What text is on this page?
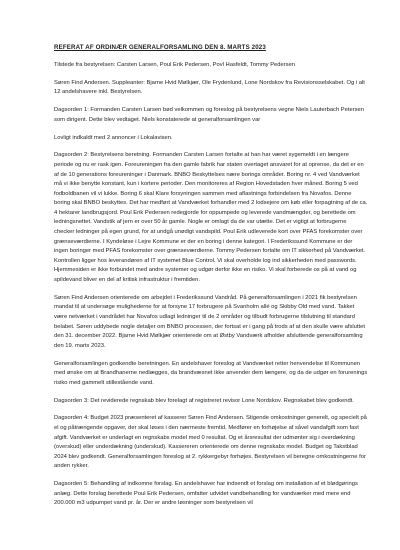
REFERAT AF ORDINÆR GENERALFORSAMLING DEN 8. MARTS 2023
Tilstede fra bestyrelsen: Carsten Larsen, Poul Erik Pedersen, Povl Hasfeldt, Tommy Pedersen
Søren Find Andersen. Suppleanter: Bjarne Hvid Mølkjær, Ole Frydenlund, Lone Nordskov fra Revisionsselskabet. Og i alt 12 andelshavere inkl. Bestyrelsen.
Dagsorden 1: Formanden Carsten Larsen bød velkommen og foreslog på bestyrelsens vegne Niels Lauterbach Petersen som dirigent. Dette blev vedtaget. Niels konstaterede at generalforsamlingen var
Lovligt indkaldt med 2 annoncer i Lokalavisen.
Dagsorden 2: Bestyrelsens beretning. Formanden Carsten Larsen fortalte at han har været sygemeldt i en længere periode og nu er rask igen. Foreureningen fra den gamle fabrik har staten overtaget ansvaret for at oprense, da det er en af de 10 generations foreureninger i Danmark. BNBO Beskyttelses nære borings områder. Boring nr. 4 ved Vandværket må vi ikke benytte konstant, kun i kortere perioder. Den monitoreres af Region Hovedstaden hver måned. Boring 5 ved fodboldbanen vil vi lukke. Boring 6 skal Klare forsyningen sammen med aflastnings forbindelsen fra Novafos. Denne boring skal BNBO beskyttes. Det har medført at Vandværket forhandler med 2 lodsejere om køb eller forpagtning af de ca. 4 hektarer landbrugsjord. Poul Erik Pedersen redegjorde for oppumpede og leverede vandmængder, og berettede om ledningsnettet. Vandstik af jern er over 50 år gamle. Nogle er omlagt da de var utætte. Det er vigtigt at forbrugerne checker ledninger på egen grund, for at undgå unødigt vandspild. Poul Erik udleverede kort over PFAS forekomster over grænseværdierne. I Kyndeløse i Lejre Kommune er der en boring i denne kategori. I Frederikssund Kommune er der ingen boringer med PFAS forekomster over grænseværdierne. Tommy Pedersen fortalte om IT sikkerhed på Vandværket. Kontrollen ligger hos leverandøren af IT systemet Blue Control. Vi skal overholde log ind sikkerheden med passwords. Hjemmesiden er ikke forbundet med andre systemer og udgør derfor ikke en risiko. Vi skal forberede os på at vand og spildevand bliver en del af kritisk infrastruktur i fremtiden.
Søren Find Andersen orienterede om arbejdet i Frederikssund Vandråd. På generalforsamlingen i 2021 fik bestyrelsen mandat til at undersøge mulighederne for at forsyne 17 forbrugere på Svanholm allé og Skibby Old med vand. Takket være netværket i vandrådet har Novafos udlagt ledninger til de 2 områder og tilbudt forbrugerne tilslutning til standard belabet. Søren uddybede nogle detaljer om BNBO processen, der fortsat er i gang på trods af at den skulle være afsluttet den 31. december 2022. Bjarne Hvid Mølkjær orienterede om at Østby Vandværk afholder afsluttende generalforsamling den 19. marts 2023.
Generalforsamlingen godkendte beretningen. En andelshaver foreslog at Vandværket retter henvendelse til Kommunen med ønske om at Brandhanerne nedlægges, da brandvæsnet ikke anvender dem længere, og da de udgør en forurenings risiko med gammelt stillestående vand.
Dagsorden 3: Det reviderede regnskab blev forelagt af registreret revisor Lone Nordskov. Regnskabet blev godkendt.
Dagsorden 4: Budget 2023 præsenteret af kasserer Søren Find Andersen. Stigende omkostninger generelt, og specielt på el og påtrængende opgaver, der skal løses i den nærmeste fremtid. Medfører en forhøjelse af såvel vandafgift som fast afgift. Vandværket er underlagt en regnskabs model med 0 resultat. Og et årsresultat der udmønter sig i overdækning (overskud) eller underdækning (underskud). Kassereren orienterede om denne regnskabs model. Budget og Takstblad 2024 blev godkendt. Generalforsamlingen foreslog at 2. rykkergebyr forhøjes. Bestyrelsen vil beregne omkostningerne for anden rykker.
Dagsorden 5: Behandling af indkomne forslag. En andelshaver har indsendt et forslag om installation af et blødgørings anlæg. Dette forslag berettede Poul Erik Pedersen, omfatter udvidet vandbehandling for vandværker med mere end 200.000 m3 udpumpet vand pr. år. Der er andre løsninger som bestyrelsen vil
